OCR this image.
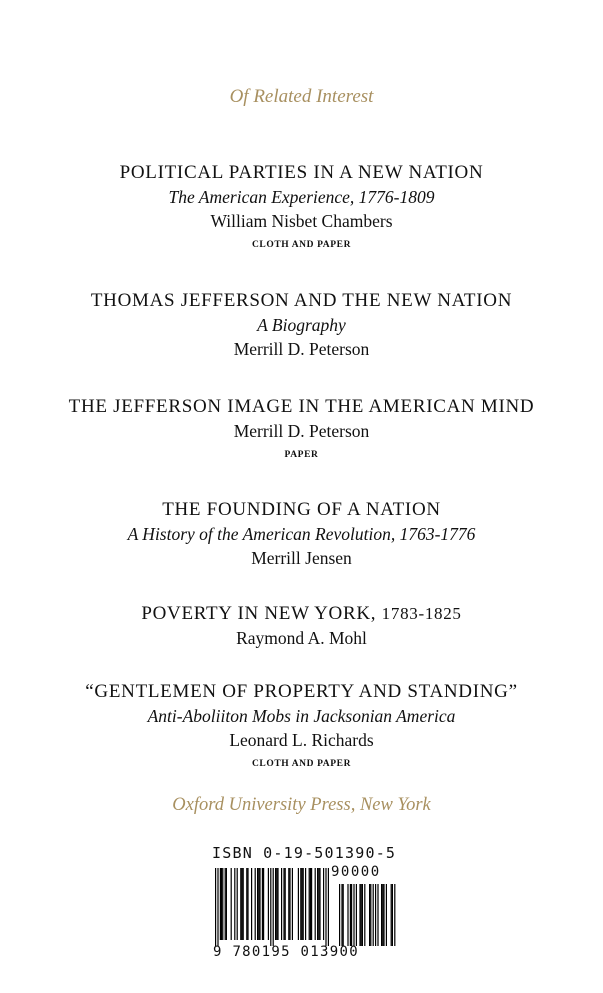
Of Related Interest
POLITICAL PARTIES IN A NEW NATION
The American Experience, 1776-1809
William Nisbet Chambers
CLOTH AND PAPER
THOMAS JEFFERSON AND THE NEW NATION
A Biography
Merrill D. Peterson
THE JEFFERSON IMAGE IN THE AMERICAN MIND
Merrill D. Peterson
PAPER
THE FOUNDING OF A NATION
A History of the American Revolution, 1763-1776
Merrill Jensen
POVERTY IN NEW YORK, 1783-1825
Raymond A. Mohl
“GENTLEMEN OF PROPERTY AND STANDING”
Anti-Aboliiton Mobs in Jacksonian America
Leonard L. Richards
CLOTH AND PAPER
Oxford University Press, New York
ISBN 0-19-501390-5
90000
9 780195 013900
